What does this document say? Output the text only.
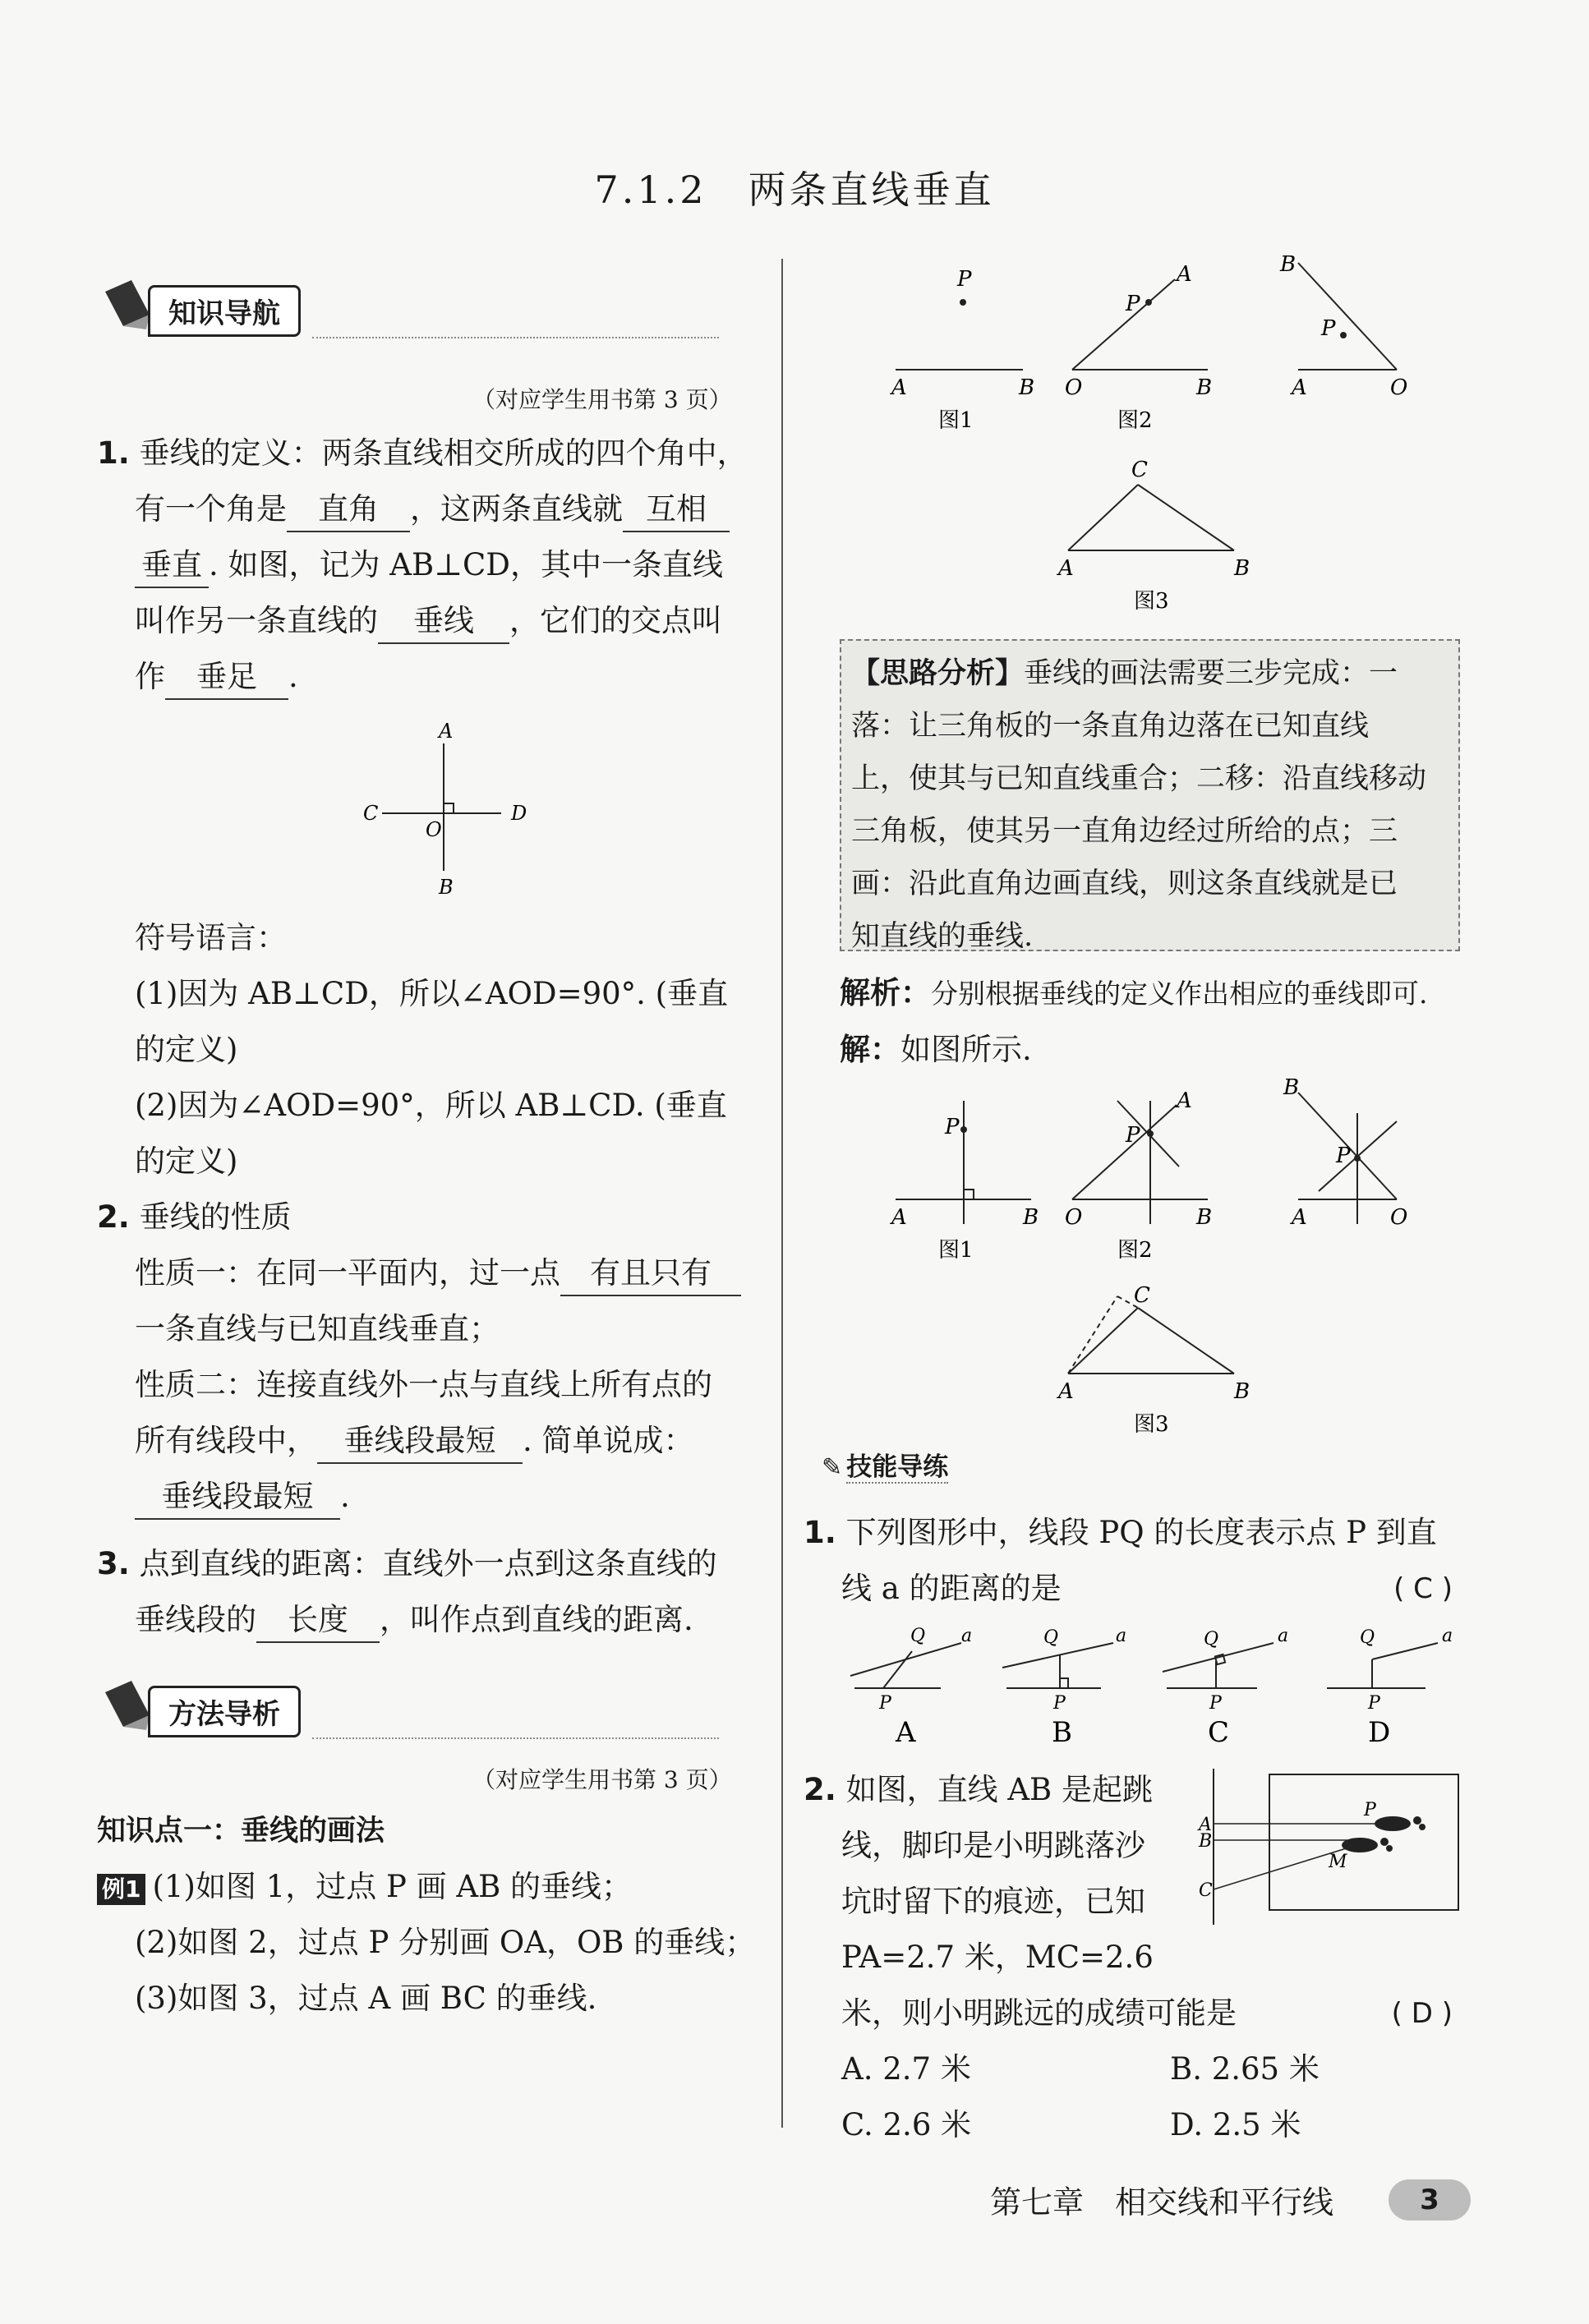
7.1.2　两条直线垂直
知识导航
（对应学生用书第 3 页）
1. 垂线的定义：两条直线相交所成的四个角中，
有一个角是 直角 ，这两条直线就 互相
垂直 . 如图，记为 AB⊥CD，其中一条直线
叫作另一条直线的 垂线 ，它们的交点叫
作 垂足 .
A
B
C	D
O
符号语言：
(1)因为 AB⊥CD，所以∠AOD=90°. (垂直
的定义)
(2)因为∠AOD=90°，所以 AB⊥CD. (垂直
的定义)
2. 垂线的性质
性质一：在同一平面内，过一点 有且只有
一条直线与已知直线垂直；
性质二：连接直线外一点与直线上所有点的
所有线段中， 垂线段最短 . 简单说成：
垂线段最短 .
3. 点到直线的距离：直线外一点到这条直线的
垂线段的 长度 ，叫作点到直线的距离.
方法导析
（对应学生用书第 3 页）
知识点一：垂线的画法
例1 (1)如图 1，过点 P 画 AB 的垂线；
(2)如图 2，过点 P 分别画 OA，OB 的垂线；
(3)如图 3，过点 A 画 BC 的垂线.
P
A	B
图1
P
A
O	B
图2
B
P
A	O
C
A	B
图3
【思路分析】垂线的画法需要三步完成：一
落：让三角板的一条直角边落在已知直线
上，使其与已知直线重合；二移：沿直线移动
三角板，使其另一直角边经过所给的点；三
画：沿此直角边画直线，则这条直线就是已
知直线的垂线.
解析：分别根据垂线的定义作出相应的垂线即可.
解：如图所示.
P
A	B
图1
P
A
O	B
图2
B
P
A	O
C
A	B
图3
✎ 技能导练
1. 下列图形中，线段 PQ 的长度表示点 P 到直
线 a 的距离的是	( C )
Q a
P
A
Q	a
P
B
Q	a
P
C
Q	a
P
D
2. 如图，直线 AB 是起跳
线，脚印是小明跳落沙
坑时留下的痕迹，已知
PA=2.7 米，MC=2.6
米，则小明跳远的成绩可能是	( D )
A. 2.7 米	B. 2.65 米
C. 2.6 米	D. 2.5 米
A
B
C
P
M
第七章　相交线和平行线	3
